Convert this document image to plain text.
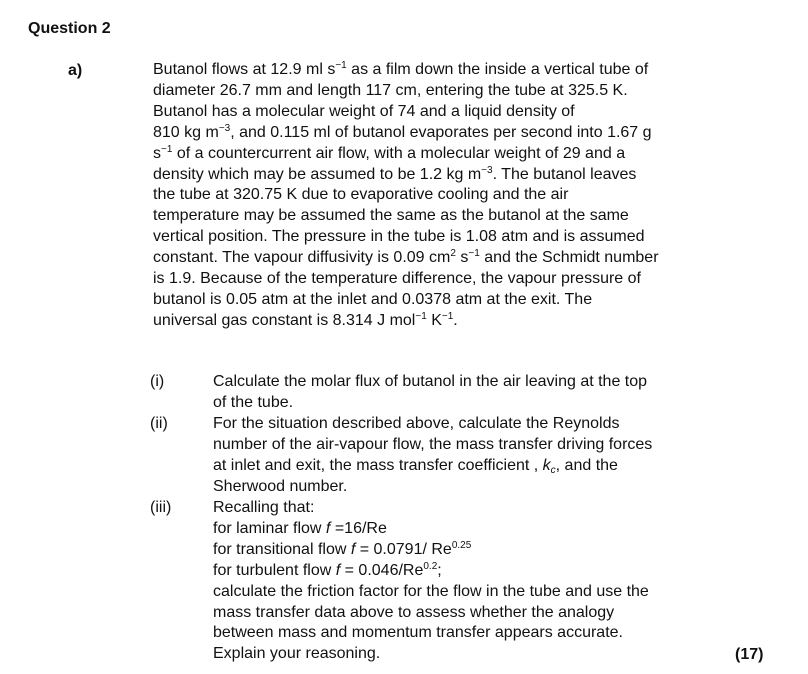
Question 2
a)	Butanol flows at 12.9 ml $s^{-1}$ as a film down the inside a vertical tube of
diameter 26.7 mm and length 117 cm, entering the tube at 325.5 K.
Butanol has a molecular weight of 74 and a liquid density of
810 kg $m^{-3}$, and 0.115 ml of butanol evaporates per second into 1.67 g
$s^{-1}$ of a countercurrent air flow, with a molecular weight of 29 and a
density which may be assumed to be 1.2 kg $m^{-3}$. The butanol leaves
the tube at 320.75 K due to evaporative cooling and the air
temperature may be assumed the same as the butanol at the same
vertical position. The pressure in the tube is 1.08 atm and is assumed
constant. The vapour diffusivity is 0.09 $cm^2$ $s^{-1}$ and the Schmidt number
is 1.9. Because of the temperature difference, the vapour pressure of
butanol is 0.05 atm at the inlet and 0.0378 atm at the exit. The
universal gas constant is 8.314 J mol$^{-1}$ $K^{-1}$.
(i)	Calculate the molar flux of butanol in the air leaving at the top
of the tube.
(ii)	For the situation described above, calculate the Reynolds
number of the air-vapour flow, the mass transfer driving forces
at inlet and exit, the mass transfer coefficient , $k_c$, and the
Sherwood number.
(iii)	Recalling that:
for laminar flow f =16/Re
for transitional flow f = 0.0791/ $Re^{0.25}$
for turbulent flow $f = 0.046/Re^{0.2}$;
calculate the friction factor for the flow in the tube and use the
mass transfer data above to assess whether the analogy
between mass and momentum transfer appears accurate.
Explain your reasoning.	(17)
